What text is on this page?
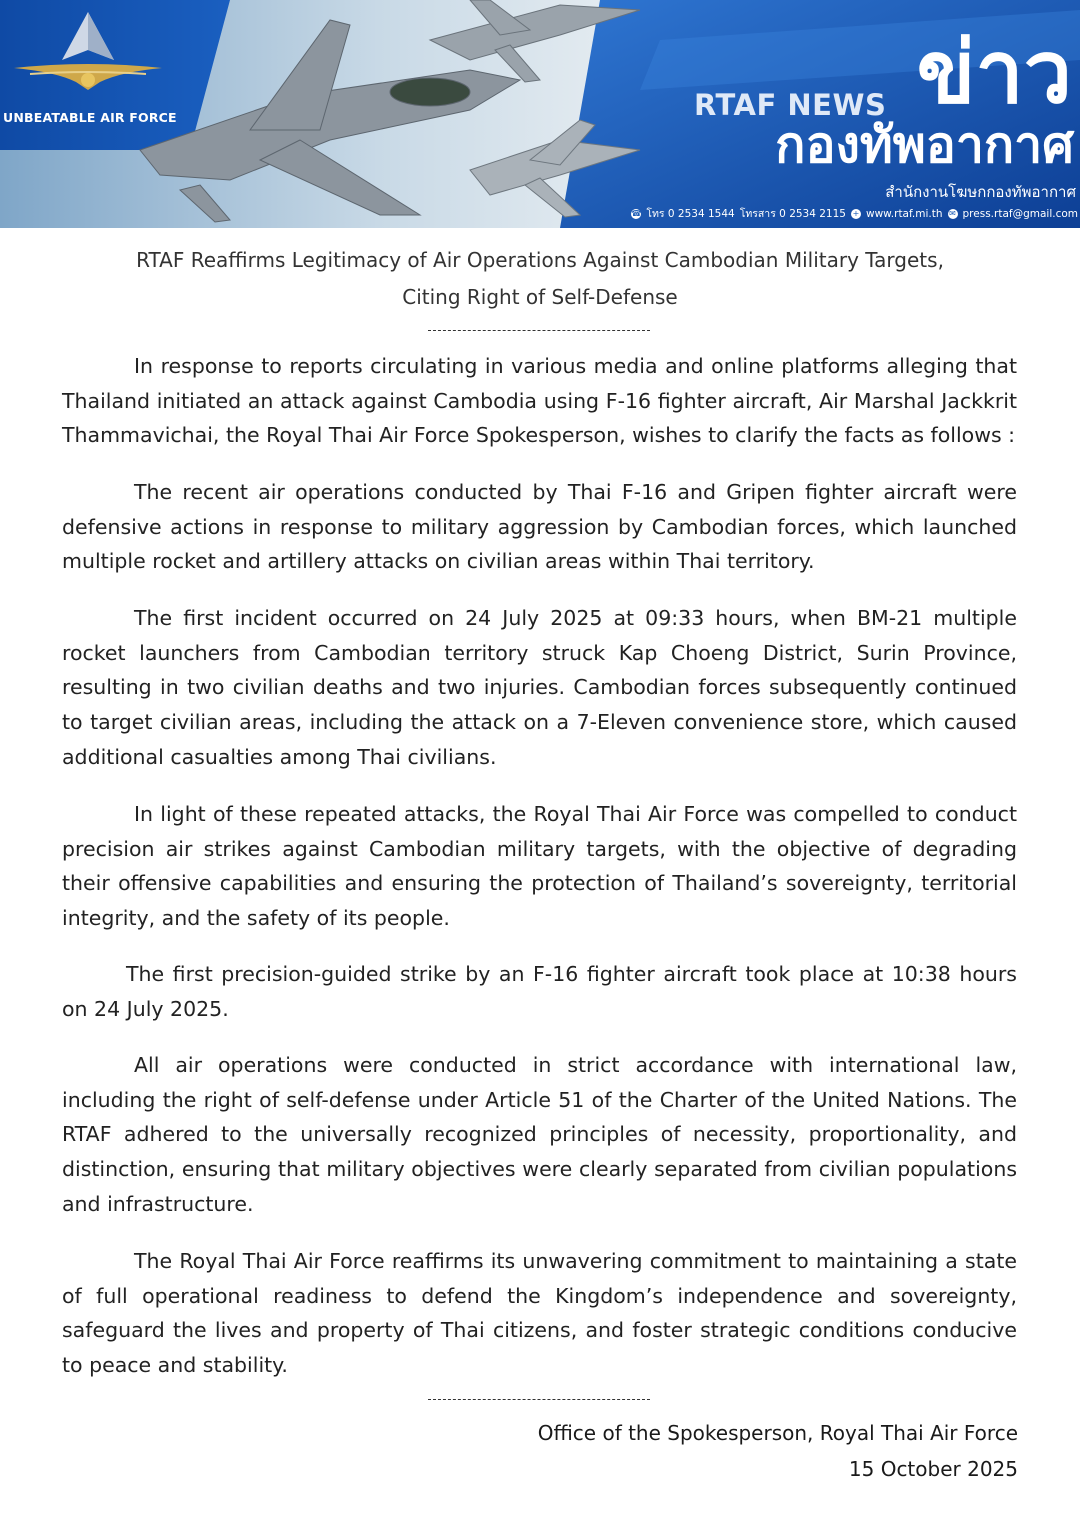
UNBEATABLE AIR FORCE	RTAF NEWS ข่าว
กองทัพอากาศ
สำนักงานโฆษกกองทัพอากาศ
☎ โทร 0 2534 1544 โทรสาร 0 2534 2115 + www.rtaf.mi.th ✉ press.rtaf@gmail.com
RTAF Reaffirms Legitimacy of Air Operations Against Cambodian Military Targets,
Citing Right of Self-Defense

In response to reports circulating in various media and online platforms alleging that Thailand initiated an attack against Cambodia using F-16 fighter aircraft, Air Marshal Jackkrit Thammavichai, the Royal Thai Air Force Spokesperson, wishes to clarify the facts as follows :

The recent air operations conducted by Thai F-16 and Gripen fighter aircraft were defensive actions in response to military aggression by Cambodian forces, which launched multiple rocket and artillery attacks on civilian areas within Thai territory.

The first incident occurred on 24 July 2025 at 09:33 hours, when BM-21 multiple rocket launchers from Cambodian territory struck Kap Choeng District, Surin Province, resulting in two civilian deaths and two injuries. Cambodian forces subsequently continued to target civilian areas, including the attack on a 7-Eleven convenience store, which caused additional casualties among Thai civilians.

In light of these repeated attacks, the Royal Thai Air Force was compelled to conduct precision air strikes against Cambodian military targets, with the objective of degrading their offensive capabilities and ensuring the protection of Thailand’s sovereignty, territorial integrity, and the safety of its people.

The first precision-guided strike by an F-16 fighter aircraft took place at 10:38 hours on 24 July 2025.

All air operations were conducted in strict accordance with international law, including the right of self-defense under Article 51 of the Charter of the United Nations. The RTAF adhered to the universally recognized principles of necessity, proportionality, and distinction, ensuring that military objectives were clearly separated from civilian populations and infrastructure.

The Royal Thai Air Force reaffirms its unwavering commitment to maintaining a state of full operational readiness to defend the Kingdom’s independence and sovereignty, safeguard the lives and property of Thai citizens, and foster strategic conditions conducive to peace and stability.

Office of the Spokesperson, Royal Thai Air Force
15 October 2025
